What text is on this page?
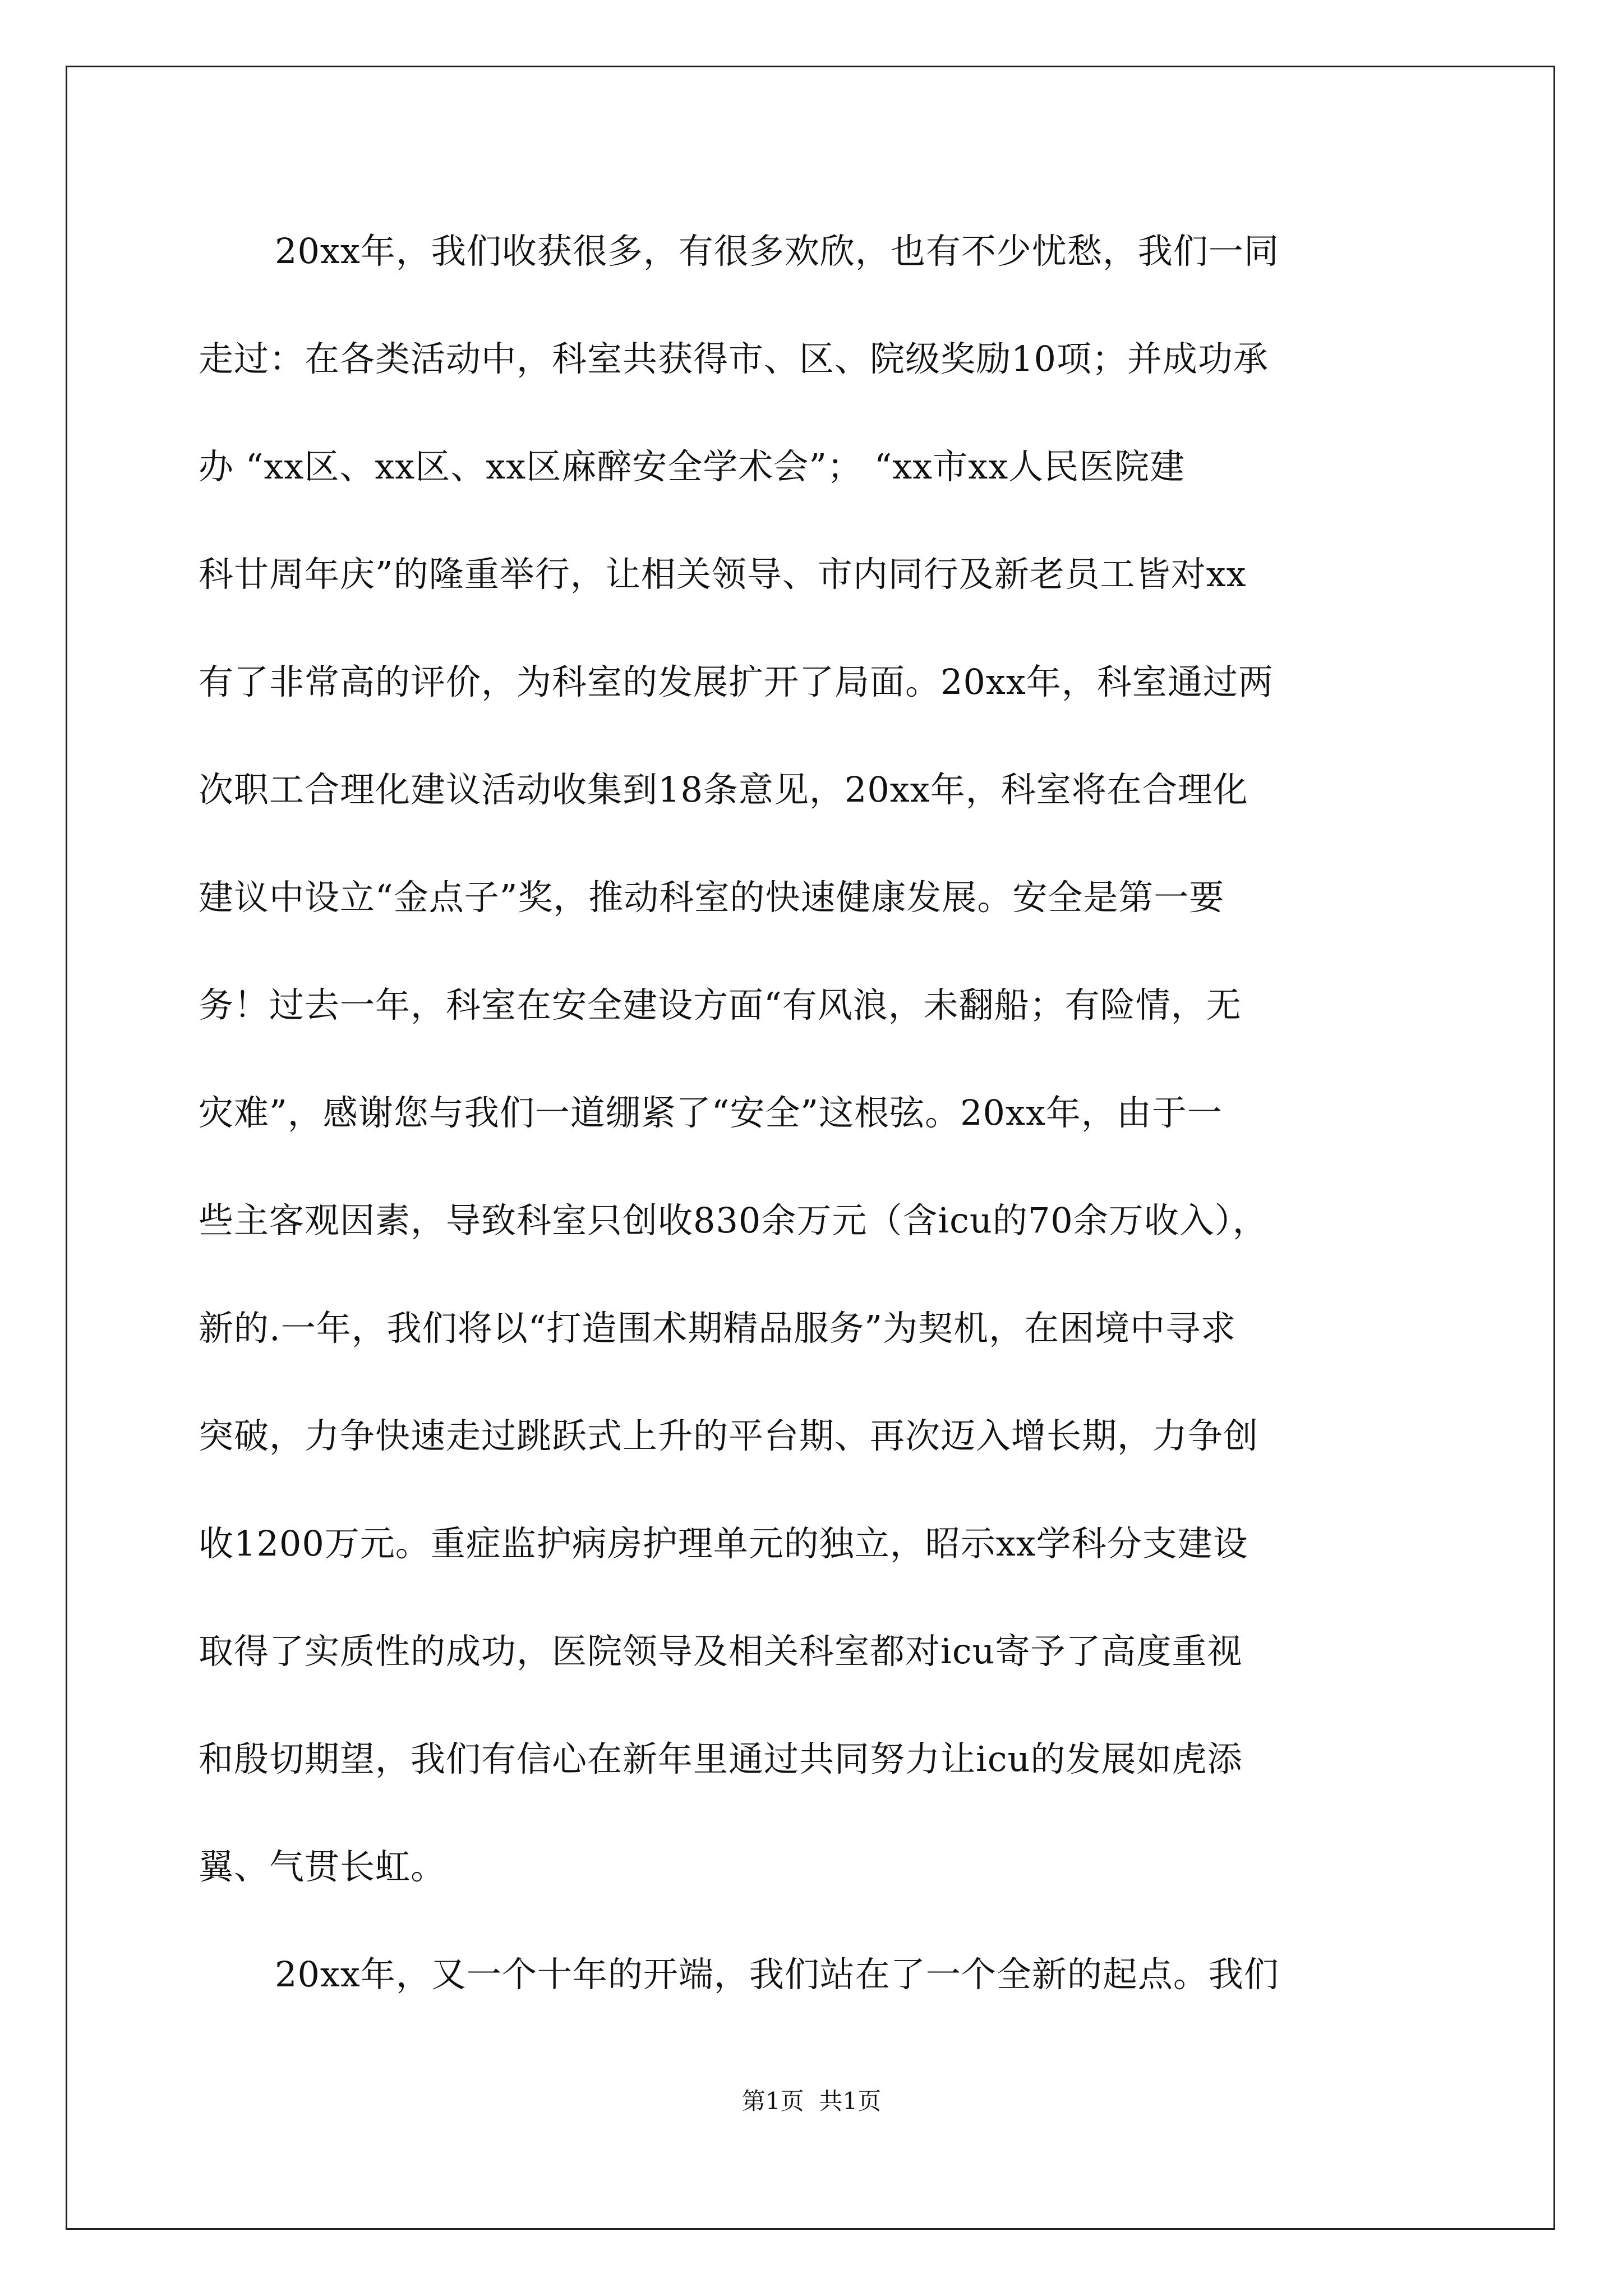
20xx年，我们收获很多，有很多欢欣，也有不少忧愁，我们一同

走过：在各类活动中，科室共获得市、区、院级奖励10项；并成功承

办 “xx区、xx区、xx区麻醉安全学术会”； “xx市xx人民医院建

科廿周年庆”的隆重举行，让相关领导、市内同行及新老员工皆对xx

有了非常高的评价，为科室的发展扩开了局面。20xx年，科室通过两

次职工合理化建议活动收集到18条意见，20xx年，科室将在合理化

建议中设立“金点子”奖，推动科室的快速健康发展。安全是第一要

务！过去一年，科室在安全建设方面“有风浪，未翻船；有险情，无

灾难”，感谢您与我们一道绷紧了“安全”这根弦。20xx年，由于一

些主客观因素，导致科室只创收830余万元（含icu的70余万收入），

新的.一年，我们将以“打造围术期精品服务”为契机，在困境中寻求

突破，力争快速走过跳跃式上升的平台期、再次迈入增长期，力争创

收1200万元。重症监护病房护理单元的独立，昭示xx学科分支建设

取得了实质性的成功，医院领导及相关科室都对icu寄予了高度重视

和殷切期望，我们有信心在新年里通过共同努力让icu的发展如虎添

翼、气贯长虹。

20xx年，又一个十年的开端，我们站在了一个全新的起点。我们

第1页  共1页
